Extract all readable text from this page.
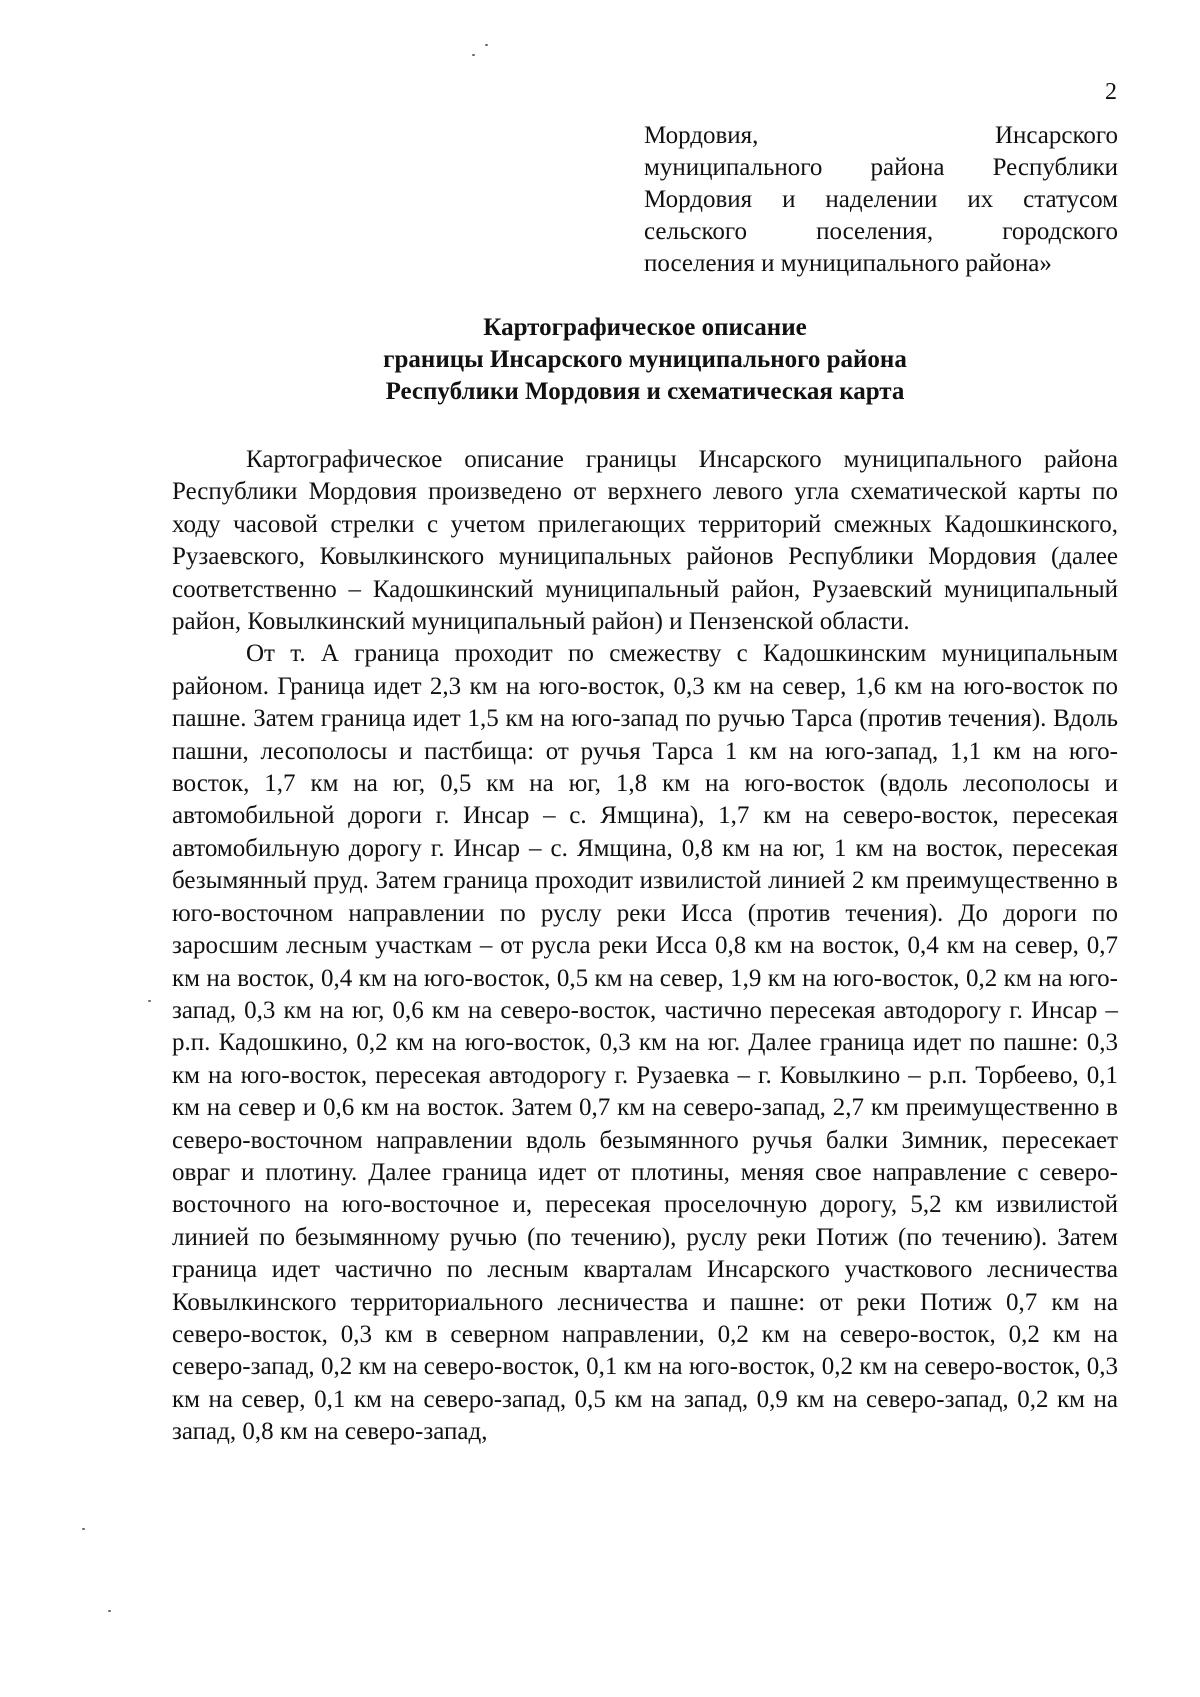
2
Мордовия, Инсарского
муниципального района Республики
Мордовия и наделении их статусом
сельского поселения, городского
поселения и муниципального района»
Картографическое описание
границы Инсарского муниципального района
Республики Мордовия и схематическая карта

Картографическое описание границы Инсарского муниципального района Республики Мордовия произведено от верхнего левого угла схематической карты по ходу часовой стрелки с учетом прилегающих территорий смежных Кадошкинского, Рузаевского, Ковылкинского муниципальных районов Республики Мордовия (далее соответственно – Кадошкинский муниципальный район, Рузаевский муниципальный район, Ковылкинский муниципальный район) и Пензенской области.

От т. А граница проходит по смежеству с Кадошкинским муниципальным районом. Граница идет 2,3 км на юго-восток, 0,3 км на север, 1,6 км на юго-восток по пашне. Затем граница идет 1,5 км на юго-запад по ручью Тарса (против течения). Вдоль пашни, лесополосы и пастбища: от ручья Тарса 1 км на юго-запад, 1,1 км на юго-восток, 1,7 км на юг, 0,5 км на юг, 1,8 км на юго-восток (вдоль лесополосы и автомобильной дороги г. Инсар – с. Ямщина), 1,7 км на северо-восток, пересекая автомобильную дорогу г. Инсар – с. Ямщина, 0,8 км на юг, 1 км на восток, пересекая безымянный пруд. Затем граница проходит извилистой линией 2 км преимущественно в юго-восточном направлении по руслу реки Исса (против течения). До дороги по заросшим лесным участкам – от русла реки Исса 0,8 км на восток, 0,4 км на север, 0,7 км на восток, 0,4 км на юго-восток, 0,5 км на север, 1,9 км на юго-восток, 0,2 км на юго-запад, 0,3 км на юг, 0,6 км на северо-восток, частично пересекая автодорогу г. Инсар – р.п. Кадошкино, 0,2 км на юго-восток, 0,3 км на юг. Далее граница идет по пашне: 0,3 км на юго-восток, пересекая автодорогу г. Рузаевка – г. Ковылкино – р.п. Торбеево, 0,1 км на север и 0,6 км на восток. Затем 0,7 км на северо-запад, 2,7 км преимущественно в северо-восточном направлении вдоль безымянного ручья балки Зимник, пересекает овраг и плотину. Далее граница идет от плотины, меняя свое направление с северо-восточного на юго-восточное и, пересекая проселочную дорогу, 5,2 км извилистой линией по безымянному ручью (по течению), руслу реки Потиж (по течению). Затем граница идет частично по лесным кварталам Инсарского участкового лесничества Ковылкинского территориального лесничества и пашне: от реки Потиж 0,7 км на северо-восток, 0,3 км в северном направлении, 0,2 км на северо-восток, 0,2 км на северо-запад, 0,2 км на северо-восток, 0,1 км на юго-восток, 0,2 км на северо-восток, 0,3 км на север, 0,1 км на северо-запад, 0,5 км на запад, 0,9 км на северо-запад, 0,2 км на запад, 0,8 км на северо-запад,
